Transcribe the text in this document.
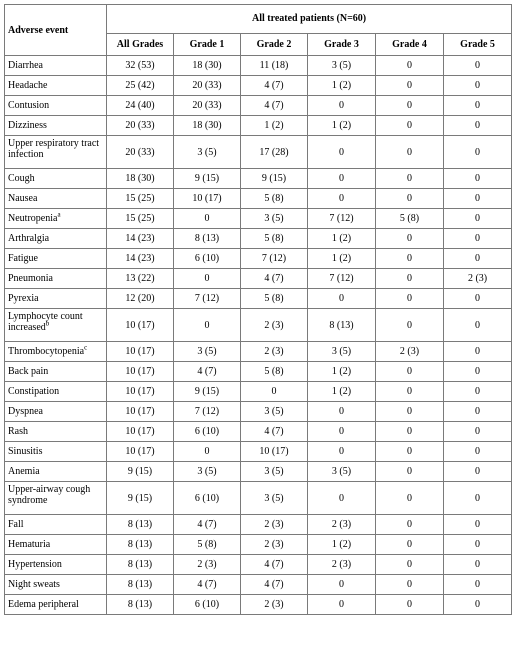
Adverse event	All treated patients (N=60)					
	All Grades	Grade 1	Grade 2	Grade 3	Grade 4	Grade 5
Diarrhea	32 (53)	18 (30)	11 (18)	3 (5)	0	0
Headache	25 (42)	20 (33)	4 (7)	1 (2)	0	0
Contusion	24 (40)	20 (33)	4 (7)	0	0	0
Dizziness	20 (33)	18 (30)	1 (2)	1 (2)	0	0
Upper respiratory tract infection	20 (33)	3 (5)	17 (28)	0	0	0
Cough	18 (30)	9 (15)	9 (15)	0	0	0
Nausea	15 (25)	10 (17)	5 (8)	0	0	0
Neutropenia$^a$	15 (25)	0	3 (5)	7 (12)	5 (8)	0
Arthralgia	14 (23)	8 (13)	5 (8)	1 (2)	0	0
Fatigue	14 (23)	6 (10)	7 (12)	1 (2)	0	0
Pneumonia	13 (22)	0	4 (7)	7 (12)	0	2 (3)
Pyrexia	12 (20)	7 (12)	5 (8)	0	0	0
Lymphocyte count increased$^b$	10 (17)	0	2 (3)	8 (13)	0	0
Thrombocytopenia$^c$	10 (17)	3 (5)	2 (3)	3 (5)	2 (3)	0
Back pain	10 (17)	4 (7)	5 (8)	1 (2)	0	0
Constipation	10 (17)	9 (15)	0	1 (2)	0	0
Dyspnea	10 (17)	7 (12)	3 (5)	0	0	0
Rash	10 (17)	6 (10)	4 (7)	0	0	0
Sinusitis	10 (17)	0	10 (17)	0	0	0
Anemia	9 (15)	3 (5)	3 (5)	3 (5)	0	0
Upper-airway cough syndrome	9 (15)	6 (10)	3 (5)	0	0	0
Fall	8 (13)	4 (7)	2 (3)	2 (3)	0	0
Hematuria	8 (13)	5 (8)	2 (3)	1 (2)	0	0
Hypertension	8 (13)	2 (3)	4 (7)	2 (3)	0	0
Night sweats	8 (13)	4 (7)	4 (7)	0	0	0
Edema peripheral	8 (13)	6 (10)	2 (3)	0	0	0
